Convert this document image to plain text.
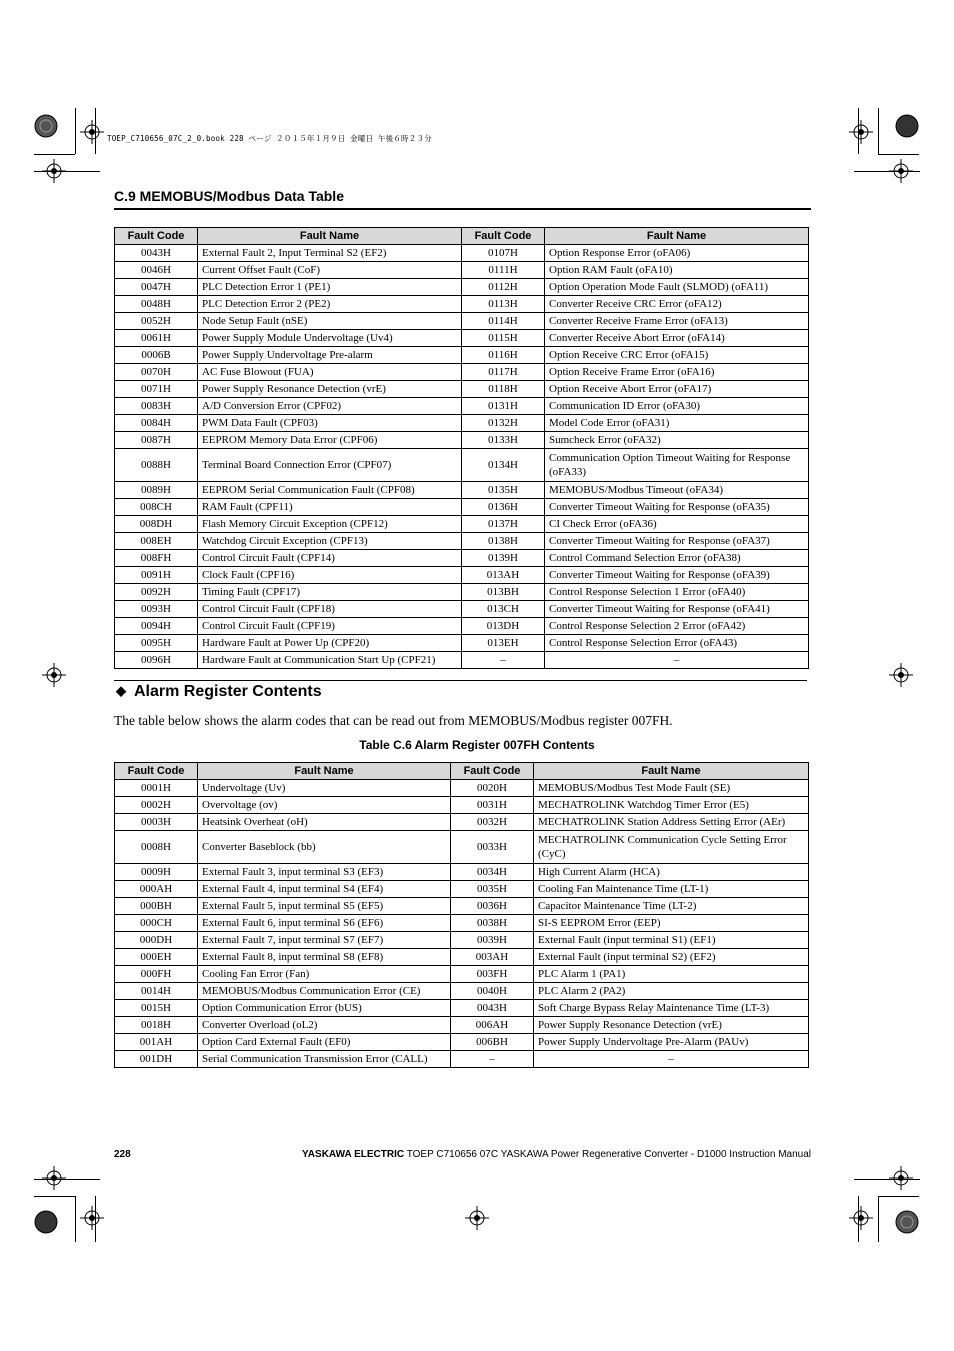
TOEP_C710656_07C_2_0.book 228 ページ ２０１５年１月９日 金曜日 午後６時２３分
C.9 MEMOBUS/Modbus Data Table
Fault Code	Fault Name	Fault Code	Fault Name
0043H	External Fault 2, Input Terminal S2 (EF2)	0107H	Option Response Error (oFA06)
0046H	Current Offset Fault (CoF)	0111H	Option RAM Fault (oFA10)
0047H	PLC Detection Error 1 (PE1)	0112H	Option Operation Mode Fault (SLMOD) (oFA11)
0048H	PLC Detection Error 2 (PE2)	0113H	Converter Receive CRC Error (oFA12)
0052H	Node Setup Fault (nSE)	0114H	Converter Receive Frame Error (oFA13)
0061H	Power Supply Module Undervoltage (Uv4)	0115H	Converter Receive Abort Error (oFA14)
0006B	Power Supply Undervoltage Pre-alarm	0116H	Option Receive CRC Error (oFA15)
0070H	AC Fuse Blowout (FUA)	0117H	Option Receive Frame Error (oFA16)
0071H	Power Supply Resonance Detection (vrE)	0118H	Option Receive Abort Error (oFA17)
0083H	A/D Conversion Error (CPF02)	0131H	Communication ID Error (oFA30)
0084H	PWM Data Fault (CPF03)	0132H	Model Code Error (oFA31)
0087H	EEPROM Memory Data Error (CPF06)	0133H	Sumcheck Error (oFA32)
0088H	Terminal Board Connection Error (CPF07)	0134H	Communication Option Timeout Waiting for Response (oFA33)
0089H	EEPROM Serial Communication Fault (CPF08)	0135H	MEMOBUS/Modbus Timeout (oFA34)
008CH	RAM Fault (CPF11)	0136H	Converter Timeout Waiting for Response (oFA35)
008DH	Flash Memory Circuit Exception (CPF12)	0137H	CI Check Error (oFA36)
008EH	Watchdog Circuit Exception (CPF13)	0138H	Converter Timeout Waiting for Response (oFA37)
008FH	Control Circuit Fault (CPF14)	0139H	Control Command Selection Error (oFA38)
0091H	Clock Fault (CPF16)	013AH	Converter Timeout Waiting for Response (oFA39)
0092H	Timing Fault (CPF17)	013BH	Control Response Selection 1 Error (oFA40)
0093H	Control Circuit Fault (CPF18)	013CH	Converter Timeout Waiting for Response (oFA41)
0094H	Control Circuit Fault (CPF19)	013DH	Control Response Selection 2 Error (oFA42)
0095H	Hardware Fault at Power Up (CPF20)	013EH	Control Response Selection Error (oFA43)
0096H	Hardware Fault at Communication Start Up (CPF21)	–	–
◆ Alarm Register Contents
The table below shows the alarm codes that can be read out from MEMOBUS/Modbus register 007FH.
Table C.6 Alarm Register 007FH Contents
Fault Code	Fault Name	Fault Code	Fault Name
0001H	Undervoltage (Uv)	0020H	MEMOBUS/Modbus Test Mode Fault (SE)
0002H	Overvoltage (ov)	0031H	MECHATROLINK Watchdog Timer Error (E5)
0003H	Heatsink Overheat (oH)	0032H	MECHATROLINK Station Address Setting Error (AEr)
0008H	Converter Baseblock (bb)	0033H	MECHATROLINK Communication Cycle Setting Error (CyC)
0009H	External Fault 3, input terminal S3 (EF3)	0034H	High Current Alarm (HCA)
000AH	External Fault 4, input terminal S4 (EF4)	0035H	Cooling Fan Maintenance Time (LT-1)
000BH	External Fault 5, input terminal S5 (EF5)	0036H	Capacitor Maintenance Time (LT-2)
000CH	External Fault 6, input terminal S6 (EF6)	0038H	SI-S EEPROM Error (EEP)
000DH	External Fault 7, input terminal S7 (EF7)	0039H	External Fault (input terminal S1) (EF1)
000EH	External Fault 8, input terminal S8 (EF8)	003AH	External Fault (input terminal S2) (EF2)
000FH	Cooling Fan Error (Fan)	003FH	PLC Alarm 1 (PA1)
0014H	MEMOBUS/Modbus Communication Error (CE)	0040H	PLC Alarm 2 (PA2)
0015H	Option Communication Error (bUS)	0043H	Soft Charge Bypass Relay Maintenance Time (LT-3)
0018H	Converter Overload (oL2)	006AH	Power Supply Resonance Detection (vrE)
001AH	Option Card External Fault (EF0)	006BH	Power Supply Undervoltage Pre-Alarm (PAUv)
001DH	Serial Communication Transmission Error (CALL)	–	–
228	YASKAWA ELECTRIC TOEP C710656 07C YASKAWA Power Regenerative Converter - D1000 Instruction Manual
